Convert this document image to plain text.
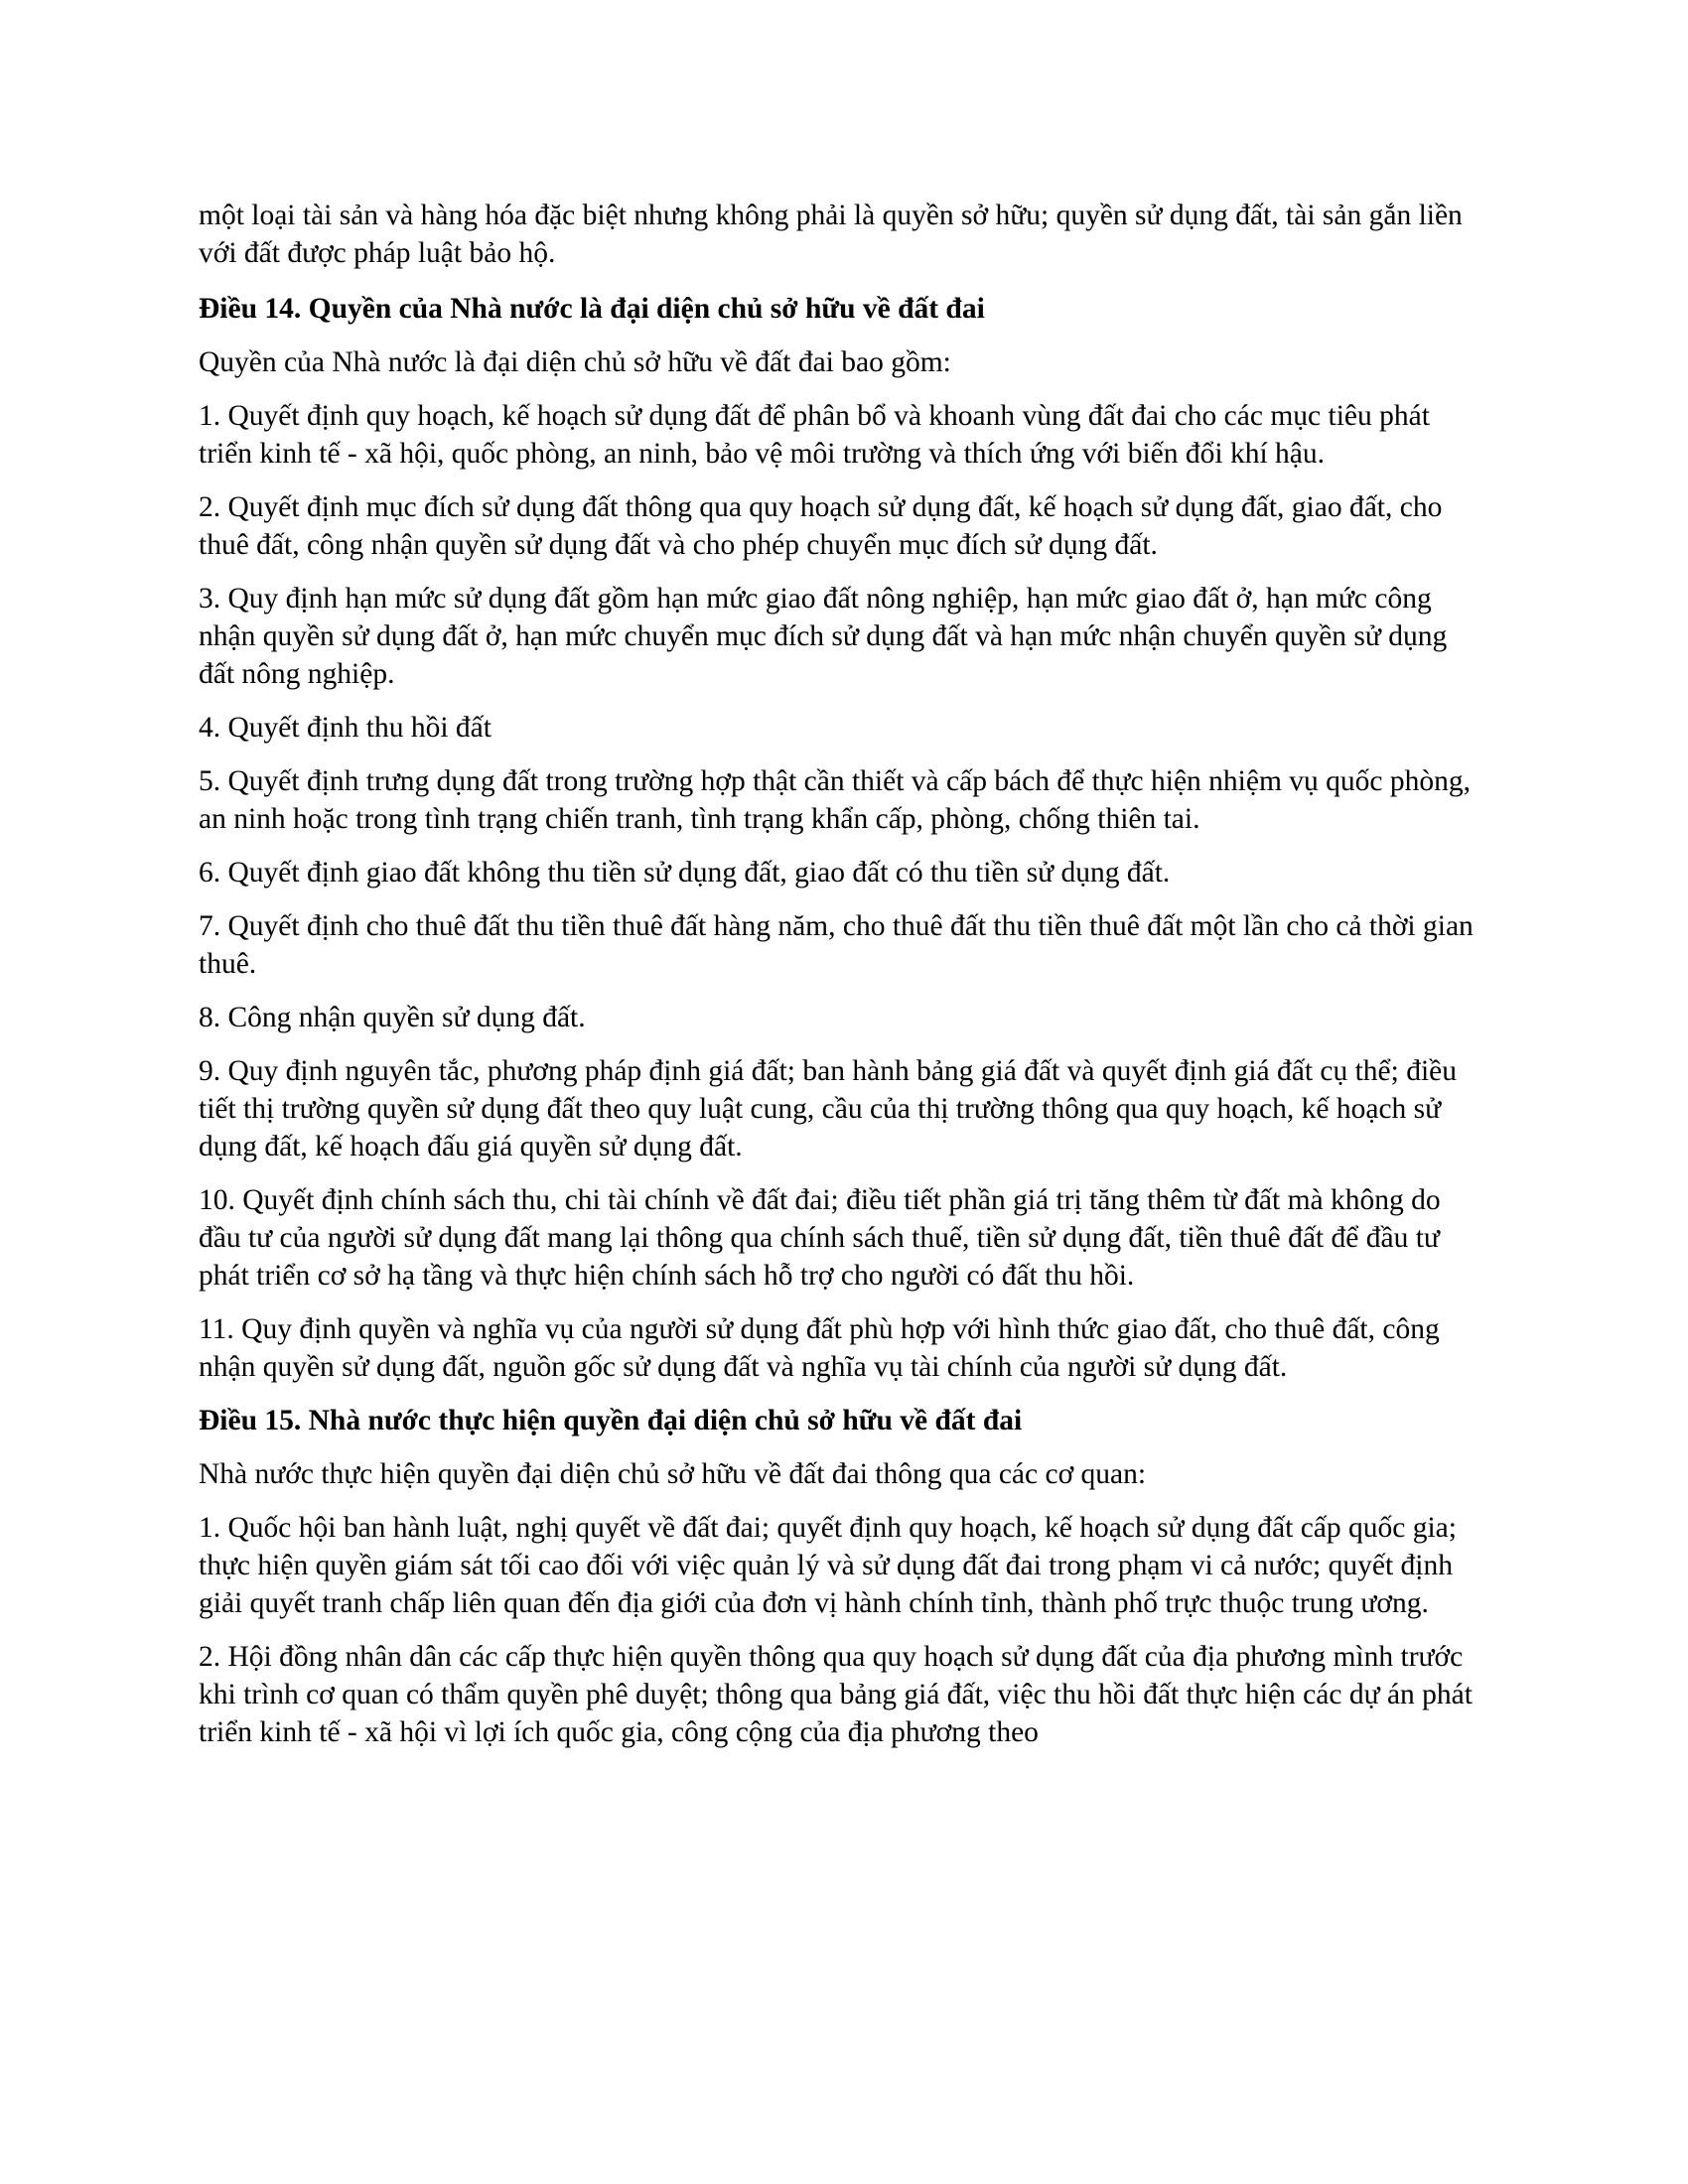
một loại tài sản và hàng hóa đặc biệt nhưng không phải là quyền sở hữu; quyền sử dụng đất, tài sản gắn liền với đất được pháp luật bảo hộ.

Điều 14. Quyền của Nhà nước là đại diện chủ sở hữu về đất đai

Quyền của Nhà nước là đại diện chủ sở hữu về đất đai bao gồm:

1. Quyết định quy hoạch, kế hoạch sử dụng đất để phân bổ và khoanh vùng đất đai cho các mục tiêu phát triển kinh tế - xã hội, quốc phòng, an ninh, bảo vệ môi trường và thích ứng với biến đổi khí hậu.

2. Quyết định mục đích sử dụng đất thông qua quy hoạch sử dụng đất, kế hoạch sử dụng đất, giao đất, cho thuê đất, công nhận quyền sử dụng đất và cho phép chuyển mục đích sử dụng đất.

3. Quy định hạn mức sử dụng đất gồm hạn mức giao đất nông nghiệp, hạn mức giao đất ở, hạn mức công nhận quyền sử dụng đất ở, hạn mức chuyển mục đích sử dụng đất và hạn mức nhận chuyển quyền sử dụng đất nông nghiệp.

4. Quyết định thu hồi đất

5. Quyết định trưng dụng đất trong trường hợp thật cần thiết và cấp bách để thực hiện nhiệm vụ quốc phòng, an ninh hoặc trong tình trạng chiến tranh, tình trạng khẩn cấp, phòng, chống thiên tai.

6. Quyết định giao đất không thu tiền sử dụng đất, giao đất có thu tiền sử dụng đất.

7. Quyết định cho thuê đất thu tiền thuê đất hàng năm, cho thuê đất thu tiền thuê đất một lần cho cả thời gian thuê.

8. Công nhận quyền sử dụng đất.

9. Quy định nguyên tắc, phương pháp định giá đất; ban hành bảng giá đất và quyết định giá đất cụ thể; điều tiết thị trường quyền sử dụng đất theo quy luật cung, cầu của thị trường thông qua quy hoạch, kế hoạch sử dụng đất, kế hoạch đấu giá quyền sử dụng đất.

10. Quyết định chính sách thu, chi tài chính về đất đai; điều tiết phần giá trị tăng thêm từ đất mà không do đầu tư của người sử dụng đất mang lại thông qua chính sách thuế, tiền sử dụng đất, tiền thuê đất để đầu tư phát triển cơ sở hạ tầng và thực hiện chính sách hỗ trợ cho người có đất thu hồi.

11. Quy định quyền và nghĩa vụ của người sử dụng đất phù hợp với hình thức giao đất, cho thuê đất, công nhận quyền sử dụng đất, nguồn gốc sử dụng đất và nghĩa vụ tài chính của người sử dụng đất.

Điều 15. Nhà nước thực hiện quyền đại diện chủ sở hữu về đất đai

Nhà nước thực hiện quyền đại diện chủ sở hữu về đất đai thông qua các cơ quan:

1. Quốc hội ban hành luật, nghị quyết về đất đai; quyết định quy hoạch, kế hoạch sử dụng đất cấp quốc gia; thực hiện quyền giám sát tối cao đối với việc quản lý và sử dụng đất đai trong phạm vi cả nước; quyết định giải quyết tranh chấp liên quan đến địa giới của đơn vị hành chính tỉnh, thành phố trực thuộc trung ương.

2. Hội đồng nhân dân các cấp thực hiện quyền thông qua quy hoạch sử dụng đất của địa phương mình trước khi trình cơ quan có thẩm quyền phê duyệt; thông qua bảng giá đất, việc thu hồi đất thực hiện các dự án phát triển kinh tế - xã hội vì lợi ích quốc gia, công cộng của địa phương theo
